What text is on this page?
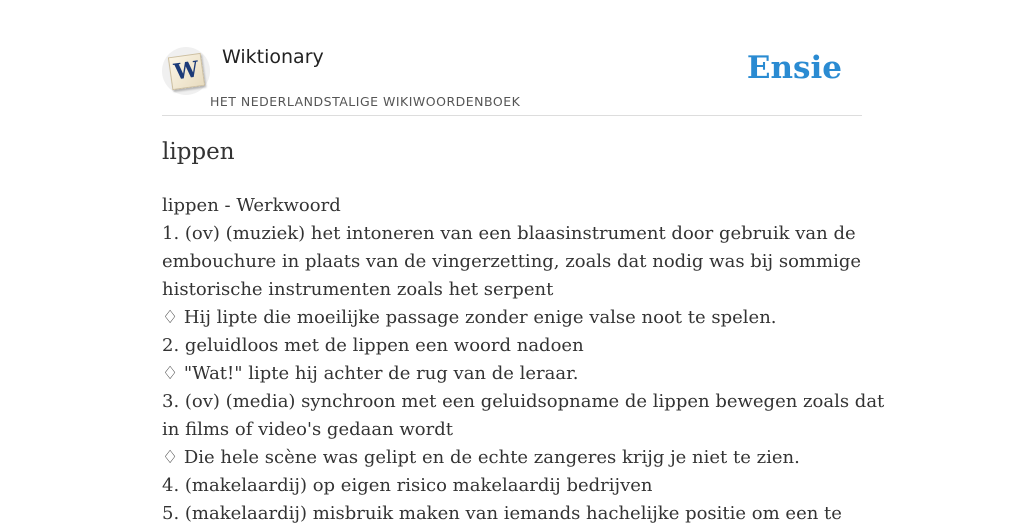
W Wiktionary
HET NEDERLANDSTALIGE WIKIWOORDENBOEK
Ensie
lippen
lippen - Werkwoord
1. (ov) (muziek) het intoneren van een blaasinstrument door gebruik van de
embouchure in plaats van de vingerzetting, zoals dat nodig was bij sommige
historische instrumenten zoals het serpent
♢ Hij lipte die moeilijke passage zonder enige valse noot te spelen.
2. geluidloos met de lippen een woord nadoen
♢ "Wat!" lipte hij achter de rug van de leraar.
3. (ov) (media) synchroon met een geluidsopname de lippen bewegen zoals dat
in films of video's gedaan wordt
♢ Die hele scène was gelipt en de echte zangeres krijg je niet te zien.
4. (makelaardij) op eigen risico makelaardij bedrijven
5. (makelaardij) misbruik maken van iemands hachelijke positie om een te
